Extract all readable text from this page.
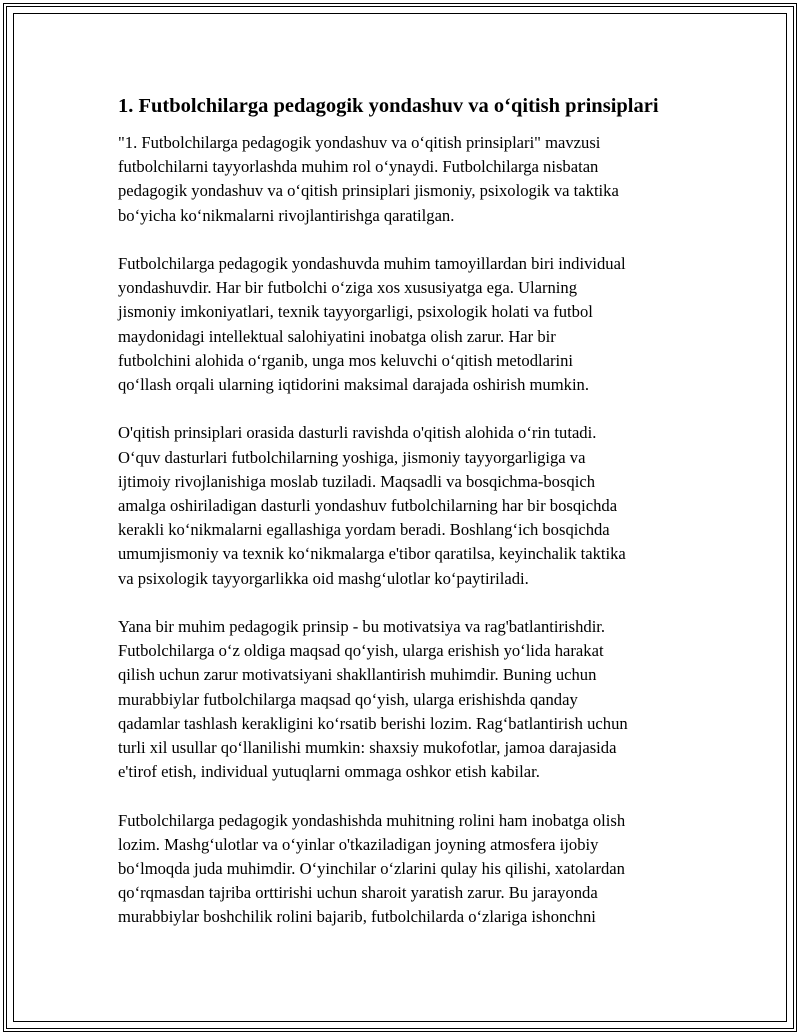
1. Futbolchilarga pedagogik yondashuv va o‘qitish prinsiplari

"1. Futbolchilarga pedagogik yondashuv va o‘qitish prinsiplari" mavzusi
futbolchilarni tayyorlashda muhim rol o‘ynaydi. Futbolchilarga nisbatan
pedagogik yondashuv va o‘qitish prinsiplari jismoniy, psixologik va taktika
bo‘yicha ko‘nikmalarni rivojlantirishga qaratilgan.

Futbolchilarga pedagogik yondashuvda muhim tamoyillardan biri individual
yondashuvdir. Har bir futbolchi o‘ziga xos xususiyatga ega. Ularning
jismoniy imkoniyatlari, texnik tayyorgarligi, psixologik holati va futbol
maydonidagi intellektual salohiyatini inobatga olish zarur. Har bir
futbolchini alohida o‘rganib, unga mos keluvchi o‘qitish metodlarini
qo‘llash orqali ularning iqtidorini maksimal darajada oshirish mumkin.

O'qitish prinsiplari orasida dasturli ravishda o'qitish alohida o‘rin tutadi.
O‘quv dasturlari futbolchilarning yoshiga, jismoniy tayyorgarligiga va
ijtimoiy rivojlanishiga moslab tuziladi. Maqsadli va bosqichma-bosqich
amalga oshiriladigan dasturli yondashuv futbolchilarning har bir bosqichda
kerakli ko‘nikmalarni egallashiga yordam beradi. Boshlang‘ich bosqichda
umumjismoniy va texnik ko‘nikmalarga e'tibor qaratilsa, keyinchalik taktika
va psixologik tayyorgarlikka oid mashg‘ulotlar ko‘paytiriladi.

Yana bir muhim pedagogik prinsip - bu motivatsiya va rag'batlantirishdir.
Futbolchilarga o‘z oldiga maqsad qo‘yish, ularga erishish yo‘lida harakat
qilish uchun zarur motivatsiyani shakllantirish muhimdir. Buning uchun
murabbiylar futbolchilarga maqsad qo‘yish, ularga erishishda qanday
qadamlar tashlash kerakligini ko‘rsatib berishi lozim. Rag‘batlantirish uchun
turli xil usullar qo‘llanilishi mumkin: shaxsiy mukofotlar, jamoa darajasida
e'tirof etish, individual yutuqlarni ommaga oshkor etish kabilar.

Futbolchilarga pedagogik yondashishda muhitning rolini ham inobatga olish
lozim. Mashg‘ulotlar va o‘yinlar o'tkaziladigan joyning atmosfera ijobiy
bo‘lmoqda juda muhimdir. O‘yinchilar o‘zlarini qulay his qilishi, xatolardan
qo‘rqmasdan tajriba orttirishi uchun sharoit yaratish zarur. Bu jarayonda
murabbiylar boshchilik rolini bajarib, futbolchilarda o‘zlariga ishonchni
